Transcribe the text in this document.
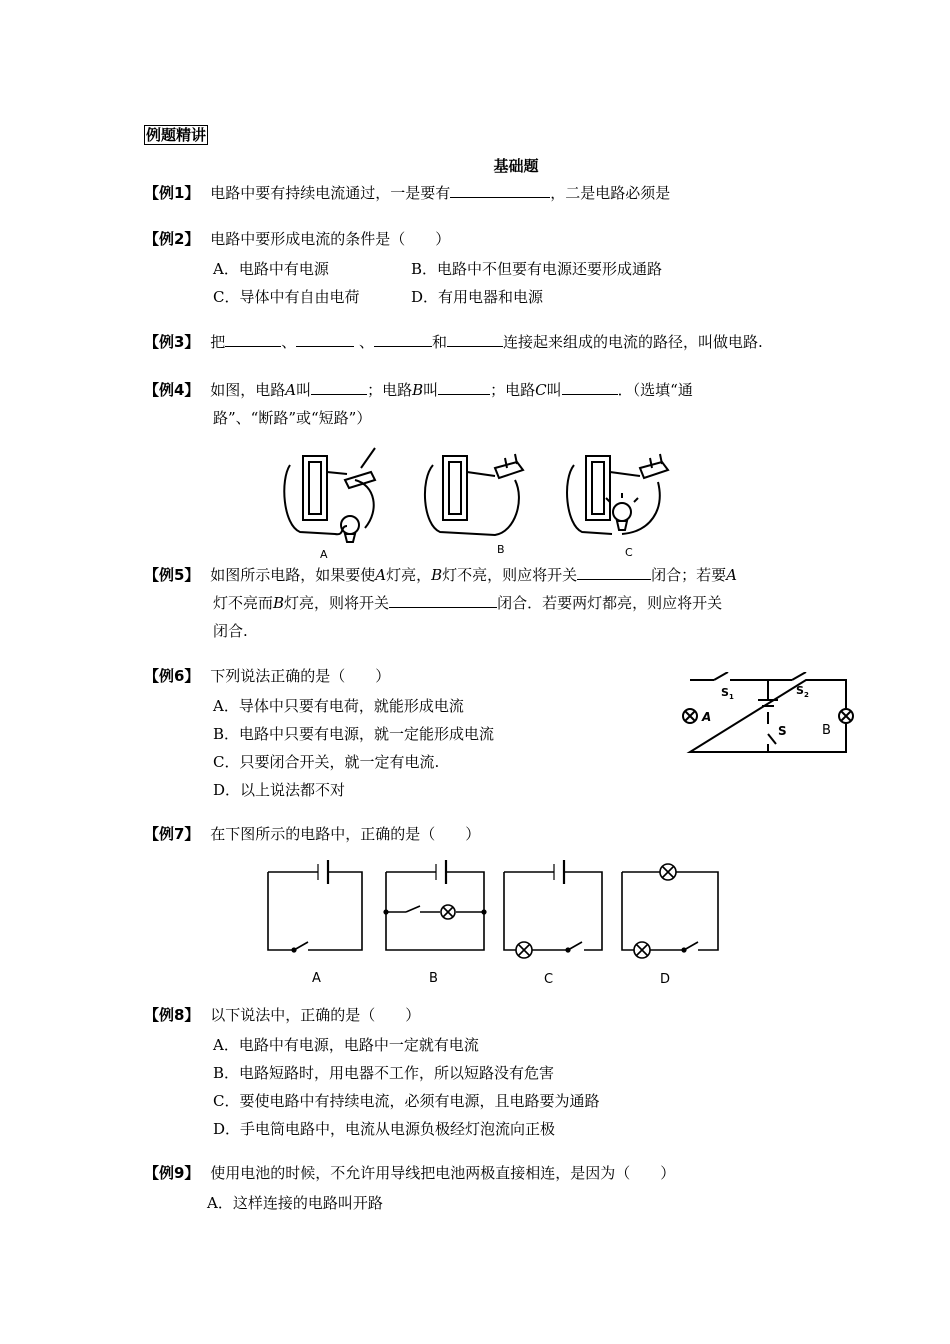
例题精讲
基础题
【例1】 电路中要有持续电流通过，一是要有	，二是电路必须是
【例2】 电路中要形成电流的条件是（　　）
A．电路中有电源	B．电路中不但要有电源还要形成通路
C．导体中有自由电荷	D．有用电器和电源
【例3】 把	、	、	和	连接起来组成的电流的路径，叫做电路.
【例4】 如图，电路A叫	；电路B叫	；电路C叫	．（选填“通
路”、“断路”或“短路”）
A	B	C
【例5】 如图所示电路，如果要使A灯亮，B灯不亮，则应将开关	闭合；若要A
灯不亮而B灯亮，则将开关	闭合．若要两灯都亮，则应将开关
闭合.
【例6】 下列说法正确的是（　　）
A．导体中只要有电荷，就能形成电流
B．电路中只要有电源，就一定能形成电流
C．只要闭合开关，就一定有电流.
D．以上说法都不对
S 1	S 2
S
A
B
【例7】 在下图所示的电路中，正确的是（　　）
A	B	C	D
【例8】 以下说法中，正确的是（　　）
A．电路中有电源，电路中一定就有电流
B．电路短路时，用电器不工作，所以短路没有危害
C．要使电路中有持续电流，必须有电源，且电路要为通路
D．手电筒电路中，电流从电源负极经灯泡流向正极
【例9】 使用电池的时候，不允许用导线把电池两极直接相连，是因为（　　）
A．这样连接的电路叫开路
